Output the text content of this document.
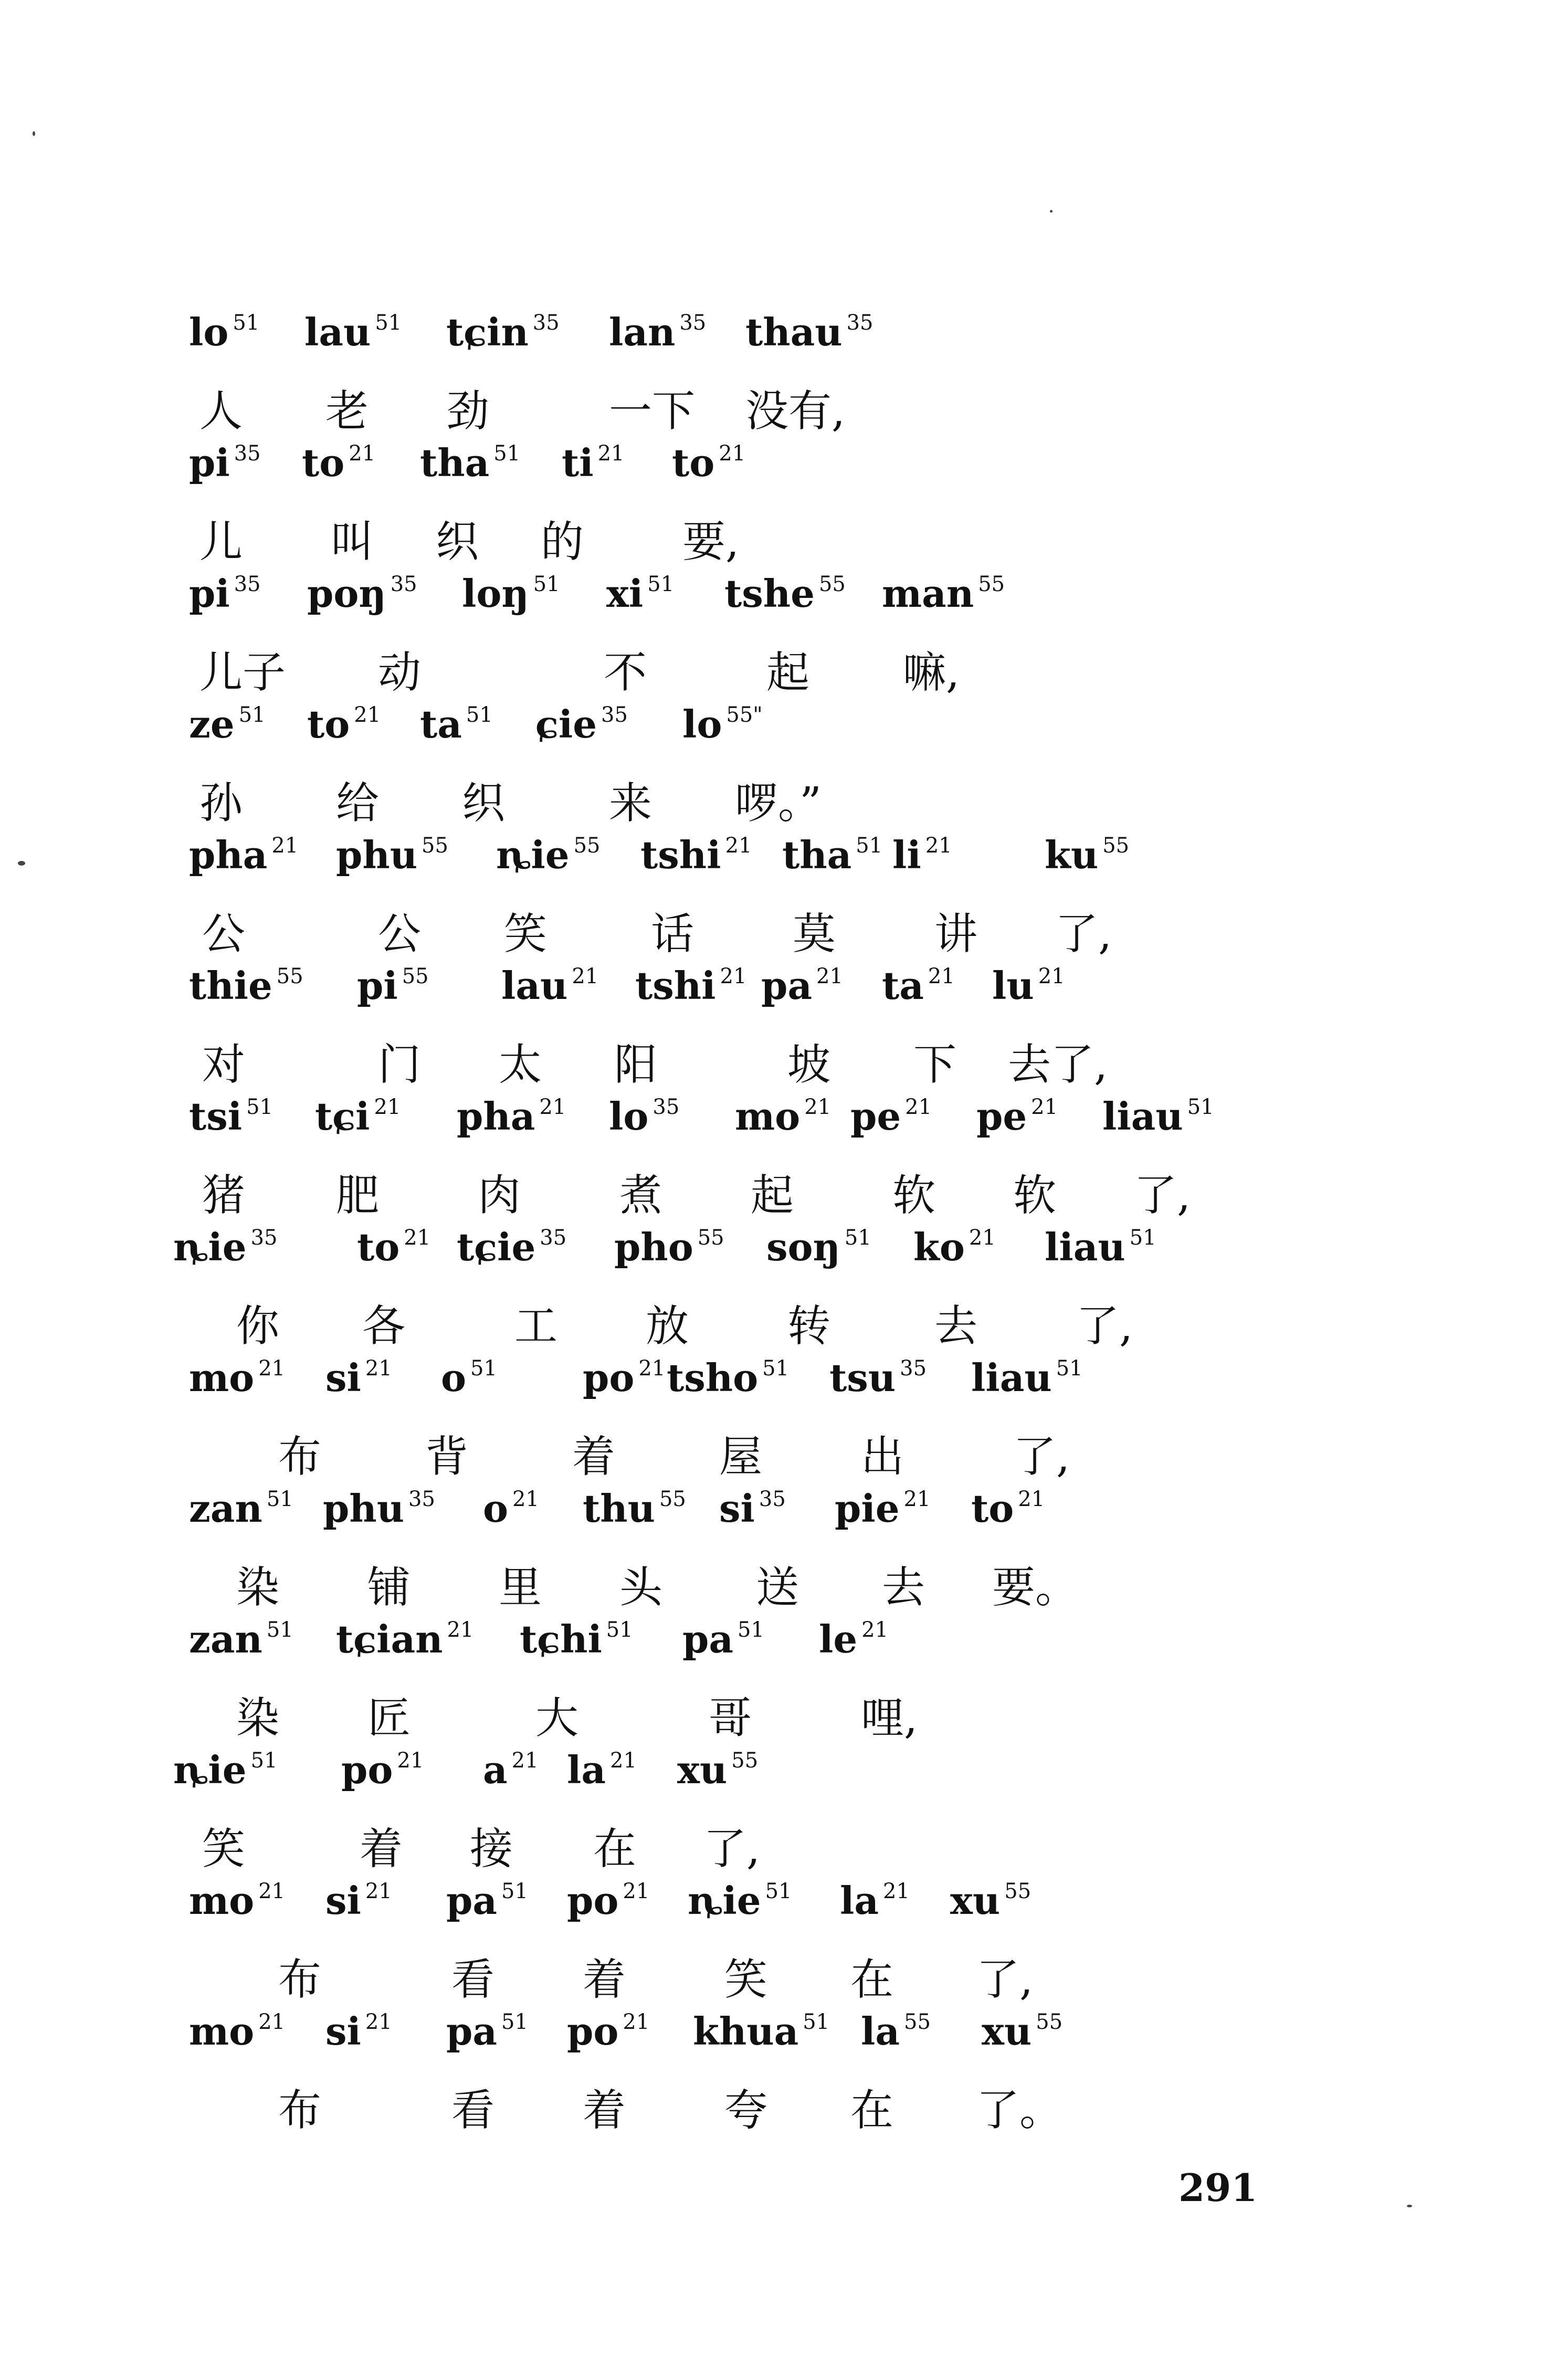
lo $^{51}$ lau $^{51}$ tɕin $^{35}$ lan $^{35}$ thau $^{35}$
人 老 劲	一下 没有,
pi $^{35}$ to $^{21}$ tha $^{51}$ ti $^{21}$ to $^{21}$
儿 叫 织 的 要,
pi $^{35}$ poŋ $^{35}$ loŋ $^{51}$ xi $^{51}$ tshe $^{55}$ man $^{55}$
儿子 动	不	起 嘛,
ze $^{51}$ to $^{21}$ ta $^{51}$ ɕie $^{35}$ lo $^{55"}$
孙 给 织 来 啰。”
pha $^{21}$ phu $^{55}$ ȵie $^{55}$ tshi $^{21}$ tha $^{51}$ li $^{21}$ ku $^{55}$
公	公 笑 话 莫 讲 了,
thie $^{55}$ pi $^{55}$ lau $^{21}$ tshi $^{21}$ pa $^{21}$ ta $^{21}$ lu $^{21}$
对	门 太 阳	坡 下 去了,
tsi $^{51}$ tɕi $^{21}$ pha $^{21}$ lo $^{35}$ mo $^{21}$ pe $^{21}$ pe $^{21}$ liau $^{51}$
猪 肥 肉 煮 起 软 软 了,
ȵie $^{35}$ to $^{21}$ tɕie $^{35}$ pho $^{55}$ soŋ $^{51}$ ko $^{21}$ liau $^{51}$
你 各	工 放 转 去 了,
mo $^{21}$ si $^{21}$ o $^{51}$ po $^{21}$ tsho $^{51}$ tsu $^{35}$ liau $^{51}$
布 背 着 屋 出	了,
zan $^{51}$ phu $^{35}$ o $^{21}$ thu $^{55}$ si $^{35}$ pie $^{21}$ to $^{21}$
染 铺 里 头 送 去 要。
zan $^{51}$ tɕian $^{21}$ tɕhi $^{51}$ pa $^{51}$ le $^{21}$
染 匠	大	哥	哩,
ȵie $^{51}$ po $^{21}$ a $^{21}$ la $^{21}$ xu $^{55}$
笑	着 接 在 了,
mo $^{21}$ si $^{21}$ pa $^{51}$ po $^{21}$ ȵie $^{51}$ la $^{21}$ xu $^{55}$
布	看 着 笑 在 了,
mo $^{21}$ si $^{21}$ pa $^{51}$ po $^{21}$ khua $^{51}$ la $^{55}$ xu $^{55}$
布	看 着 夸 在 了。
291
